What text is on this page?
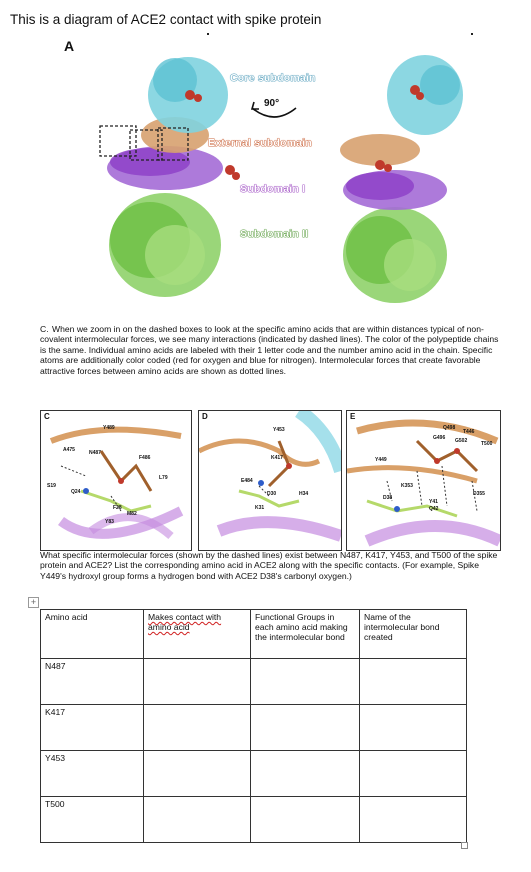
This is a diagram of ACE2 contact with spike protein
A
Core subdomain
90°
External subdomain
Subdomain I
Subdomain II
C. When we zoom in on the dashed boxes to look at the specific amino acids that are within distances typical of non-covalent intermolecular forces, we see many interactions (indicated by dashed lines). The color of the polypeptide chains is the same. Individual amino acids are labeled with their 1 letter code and the number amino acid in the chain. Specific atoms are additionally color coded (red for oxygen and blue for nitrogen). Intermolecular forces that create favorable attractive forces between amino acids are shown as dotted lines.
C
Y489
A475	N487
F486
L79
S19
Q24
F28
M82
Y83
D
Y453
K417
E484
D30	H34
K31
E
Q498
T446
G496 G502	T500
Y449
K353
D38
Y41
Q42
D355
What specific intermolecular forces (shown by the dashed lines) exist between N487, K417, Y453, and T500 of the spike protein and ACE2? List the corresponding amino acid in ACE2 along with the specific contacts. (For example, Spike Y449's hydroxyl group forms a hydrogen bond with ACE2 D38's carbonyl oxygen.)
+
Amino acid	Makes contact with amino acid	Functional Groups in each amino acid making the intermolecular bond	Name of the intermolecular bond created
N487			
K417			
Y453			
T500			
